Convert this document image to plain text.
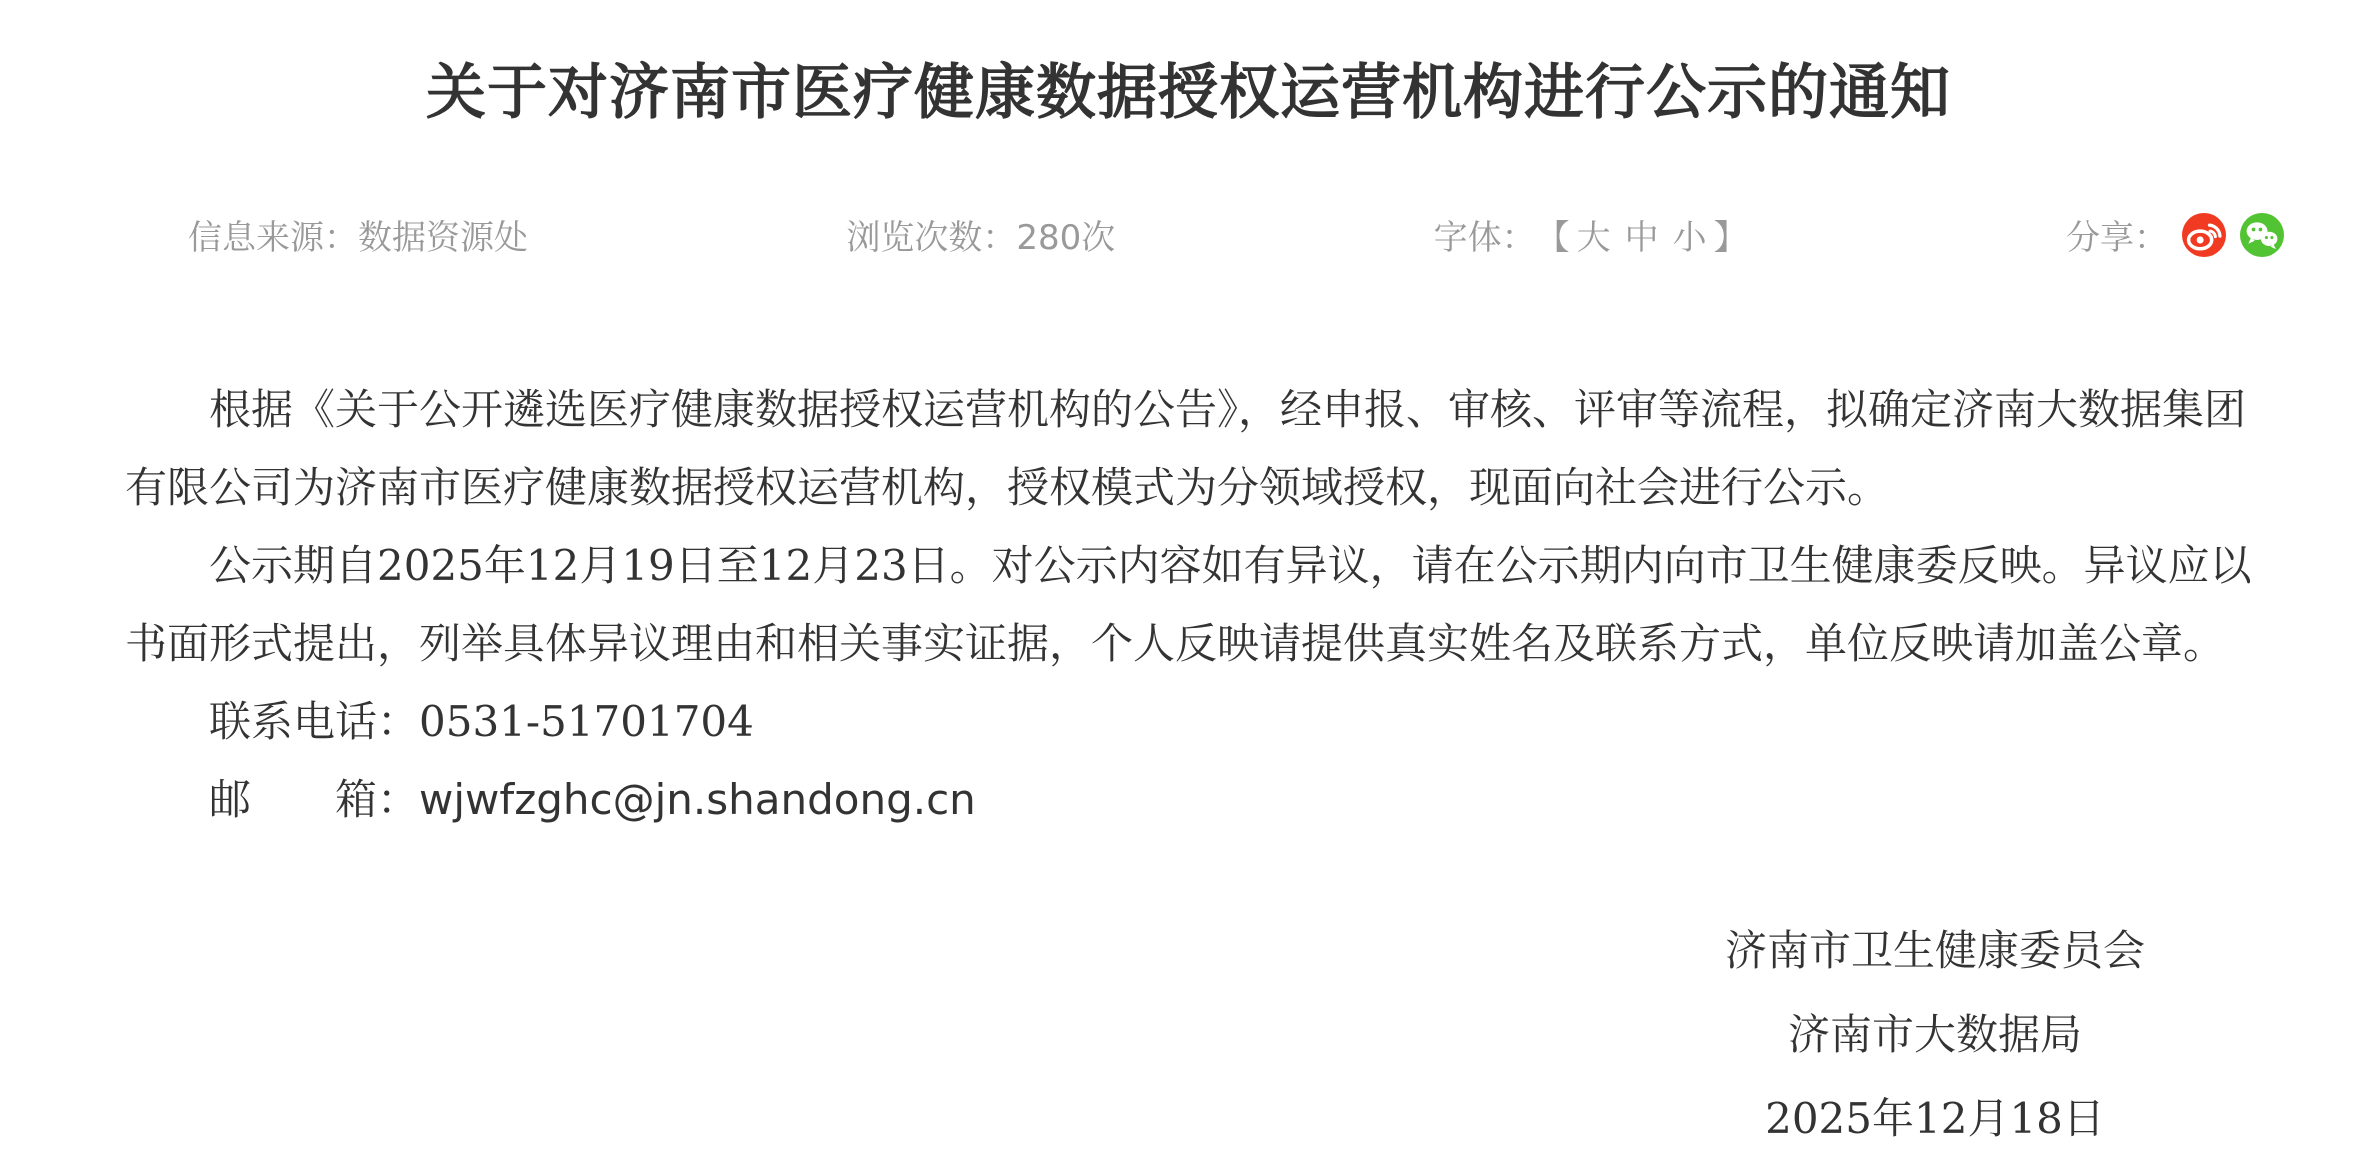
关于对济南市医疗健康数据授权运营机构进行公示的通知
信息来源： 数据资源处	浏览次数： 280次	字体： 【 大 中 小 】	分享：

根据《关于公开遴选医疗健康数据授权运营机构的公告》，经申报、审核、评审等流程，拟确定济南大数据集团有限公司为济南市医疗健康数据授权运营机构，授权模式为分领域授权，现面向社会进行公示。

公示期自2025年12月19日至12月23日。对公示内容如有异议，请在公示期内向市卫生健康委反映。异议应以书面形式提出，列举具体异议理由和相关事实证据，个人反映请提供真实姓名及联系方式，单位反映请加盖公章。

联系电话：0531-51701704

邮 箱：wjwfzghc@jn.shandong.cn

济南市卫生健康委员会
济南市大数据局
2025年12月18日
